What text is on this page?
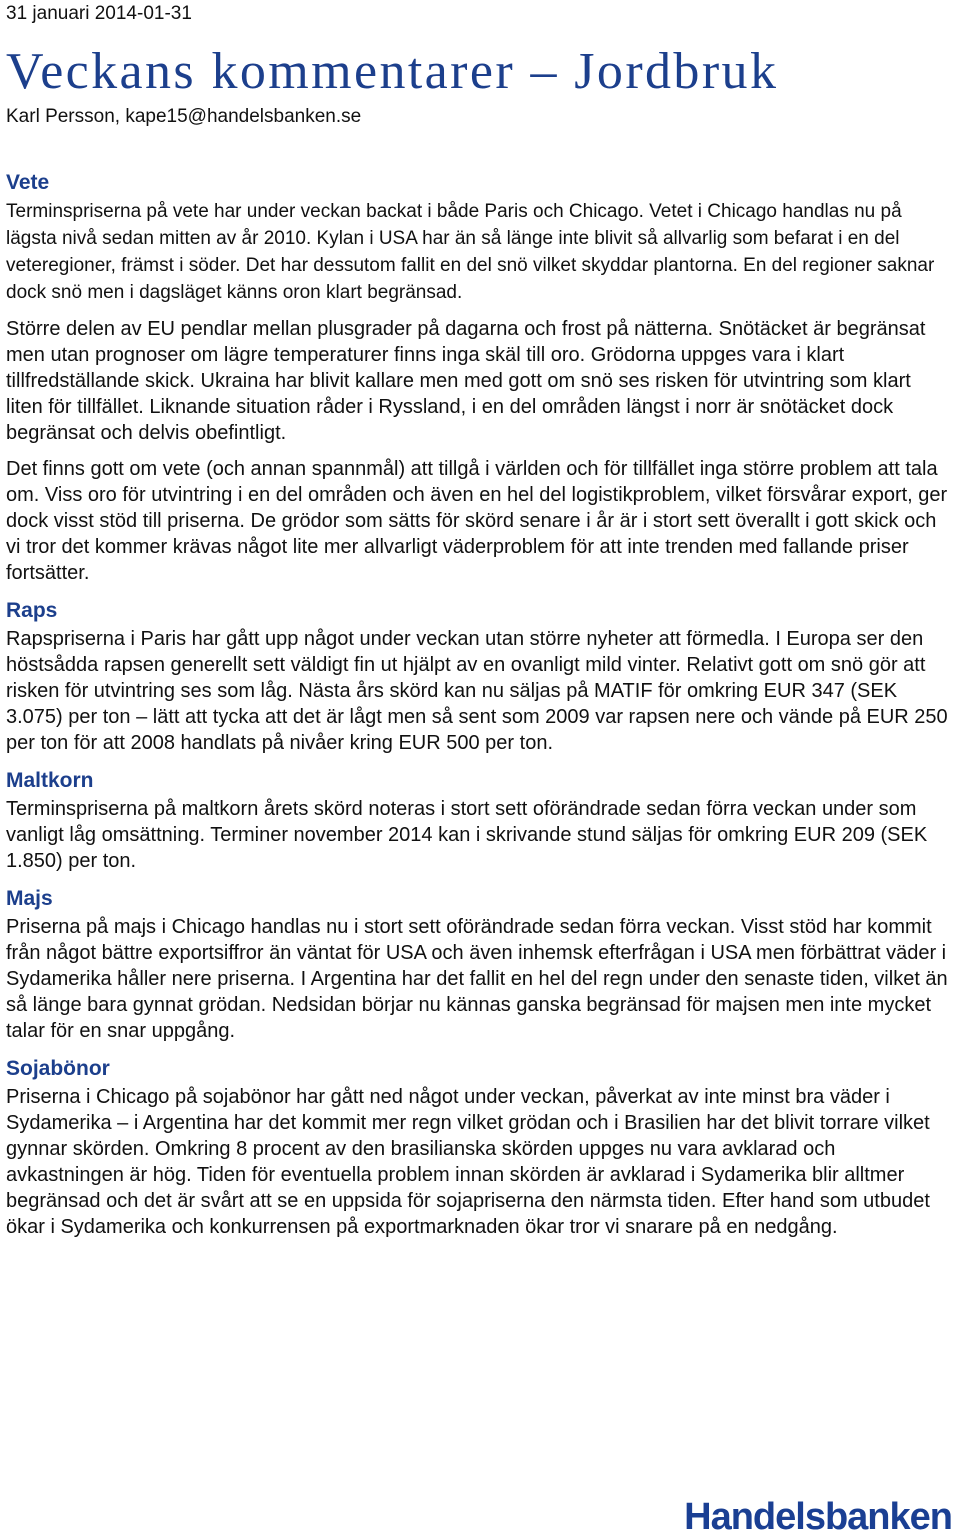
31 januari 2014-01-31
Veckans kommentarer – Jordbruk
Karl Persson, kape15@handelsbanken.se
Vete

Terminspriserna på vete har under veckan backat i både Paris och Chicago. Vetet i Chicago handlas nu på lägsta nivå sedan mitten av år 2010. Kylan i USA har än så länge inte blivit så allvarlig som befarat i en del veteregioner, främst i söder. Det har dessutom fallit en del snö vilket skyddar plantorna. En del regioner saknar dock snö men i dagsläget känns oron klart begränsad.

Större delen av EU pendlar mellan plusgrader på dagarna och frost på nätterna. Snötäcket är begränsat men utan prognoser om lägre temperaturer finns inga skäl till oro. Grödorna uppges vara i klart tillfredställande skick. Ukraina har blivit kallare men med gott om snö ses risken för utvintring som klart liten för tillfället. Liknande situation råder i Ryssland, i en del områden längst i norr är snötäcket dock begränsat och delvis obefintligt.

Det finns gott om vete (och annan spannmål) att tillgå i världen och för tillfället inga större problem att tala om. Viss oro för utvintring i en del områden och även en hel del logistikproblem, vilket försvårar export, ger dock visst stöd till priserna. De grödor som sätts för skörd senare i år är i stort sett överallt i gott skick och vi tror det kommer krävas något lite mer allvarligt väderproblem för att inte trenden med fallande priser fortsätter.

Raps

Rapspriserna i Paris har gått upp något under veckan utan större nyheter att förmedla. I Europa ser den höstsådda rapsen generellt sett väldigt fin ut hjälpt av en ovanligt mild vinter. Relativt gott om snö gör att risken för utvintring ses som låg. Nästa års skörd kan nu säljas på MATIF för omkring EUR 347 (SEK 3.075) per ton – lätt att tycka att det är lågt men så sent som 2009 var rapsen nere och vände på EUR 250 per ton för att 2008 handlats på nivåer kring EUR 500 per ton.

Maltkorn

Terminspriserna på maltkorn årets skörd noteras i stort sett oförändrade sedan förra veckan under som vanligt låg omsättning. Terminer november 2014 kan i skrivande stund säljas för omkring EUR 209 (SEK 1.850) per ton.

Majs

Priserna på majs i Chicago handlas nu i stort sett oförändrade sedan förra veckan. Visst stöd har kommit från något bättre exportsiffror än väntat för USA och även inhemsk efterfrågan i USA men förbättrat väder i Sydamerika håller nere priserna. I Argentina har det fallit en hel del regn under den senaste tiden, vilket än så länge bara gynnat grödan. Nedsidan börjar nu kännas ganska begränsad för majsen men inte mycket talar för en snar uppgång.

Sojabönor

Priserna i Chicago på sojabönor har gått ned något under veckan, påverkat av inte minst bra väder i Sydamerika – i Argentina har det kommit mer regn vilket grödan och i Brasilien har det blivit torrare vilket gynnar skörden. Omkring 8 procent av den brasilianska skörden uppges nu vara avklarad och avkastningen är hög. Tiden för eventuella problem innan skörden är avklarad i Sydamerika blir alltmer begränsad och det är svårt att se en uppsida för sojapriserna den närmsta tiden. Efter hand som utbudet ökar i Sydamerika och konkurrensen på exportmarknaden ökar tror vi snarare på en nedgång.

Handelsbanken
